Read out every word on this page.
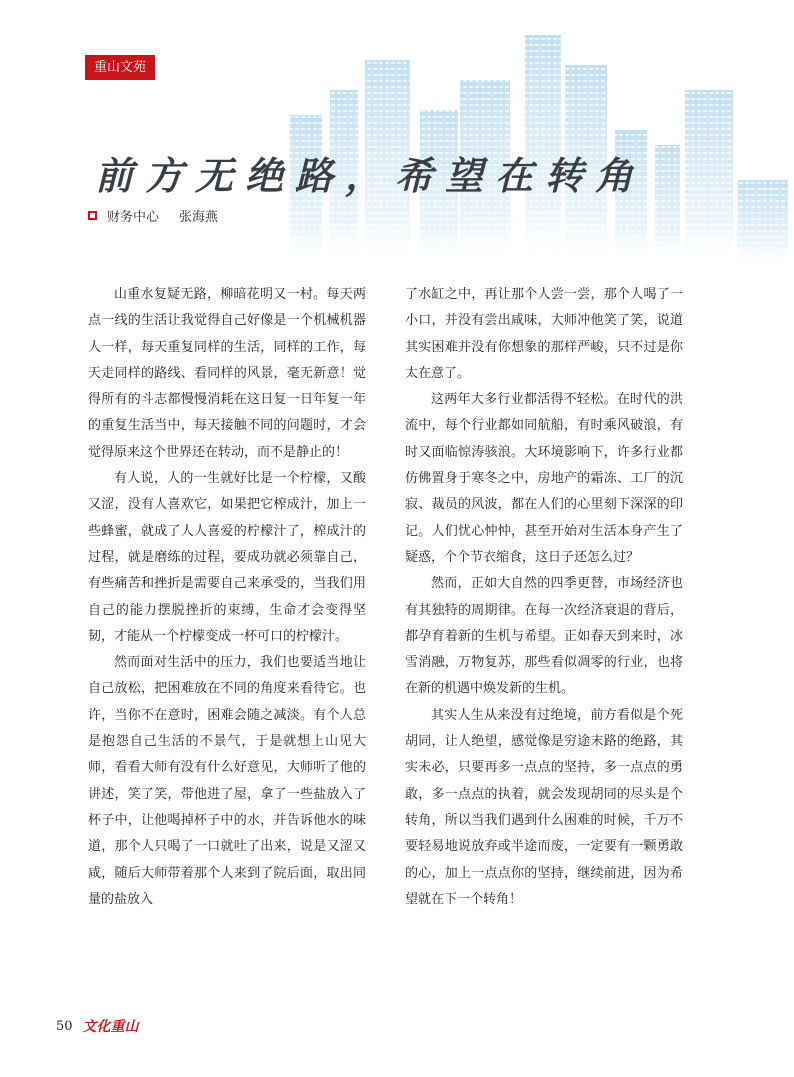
重山文苑
前方无绝路，希望在转角
财务中心 张海燕

山重水复疑无路，柳暗花明又一村。每天两点一线的生活让我觉得自己好像是一个机械机器人一样，每天重复同样的生活，同样的工作，每天走同样的路线、看同样的风景，毫无新意！觉得所有的斗志都慢慢消耗在这日复一日年复一年的重复生活当中，每天接触不同的问题时，才会觉得原来这个世界还在转动，而不是静止的！

有人说，人的一生就好比是一个柠檬，又酸又涩，没有人喜欢它，如果把它榨成汁，加上一些蜂蜜，就成了人人喜爱的柠檬汁了，榨成汁的过程，就是磨练的过程，要成功就必须靠自己，有些痛苦和挫折是需要自己来承受的，当我们用自己的能力摆脱挫折的束缚，生命才会变得坚韧，才能从一个柠檬变成一杯可口的柠檬汁。

然而面对生活中的压力，我们也要适当地让自己放松，把困难放在不同的角度来看待它。也许，当你不在意时，困难会随之减淡。有个人总是抱怨自己生活的不景气，于是就想上山见大师，看看大师有没有什么好意见，大师听了他的讲述，笑了笑，带他进了屋，拿了一些盐放入了杯子中，让他喝掉杯子中的水，并告诉他水的味道，那个人只喝了一口就吐了出来，说是又涩又咸，随后大师带着那个人来到了院后面，取出同量的盐放入

了水缸之中，再让那个人尝一尝，那个人喝了一小口，并没有尝出咸味，大师冲他笑了笑，说道其实困难并没有你想象的那样严峻，只不过是你太在意了。

这两年大多行业都活得不轻松。在时代的洪流中，每个行业都如同航船，有时乘风破浪，有时又面临惊涛骇浪。大环境影响下，许多行业都仿佛置身于寒冬之中，房地产的霜冻、工厂的沉寂、裁员的风波，都在人们的心里刻下深深的印记。人们忧心忡忡，甚至开始对生活本身产生了疑惑，个个节衣缩食，这日子还怎么过？

然而，正如大自然的四季更替，市场经济也有其独特的周期律。在每一次经济衰退的背后，都孕育着新的生机与希望。正如春天到来时，冰雪消融，万物复苏，那些看似凋零的行业，也将在新的机遇中焕发新的生机。

其实人生从来没有过绝境，前方看似是个死胡同，让人绝望，感觉像是穷途末路的绝路，其实未必，只要再多一点点的坚持，多一点点的勇敢，多一点点的执着，就会发现胡同的尽头是个转角，所以当我们遇到什么困难的时候，千万不要轻易地说放弃或半途而废，一定要有一颗勇敢的心，加上一点点你的坚持，继续前进，因为希望就在下一个转角！

50 文化重山
